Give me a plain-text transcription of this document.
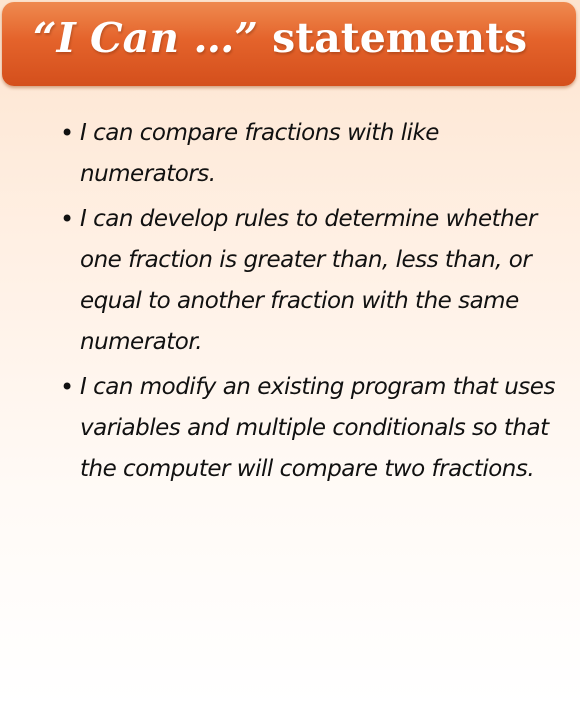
“I Can …” statements
• I can compare fractions with like numerators.
• I can develop rules to determine whether one fraction is greater than, less than, or equal to another fraction with the same numerator.
• I can modify an existing program that uses variables and multiple conditionals so that the computer will compare two fractions.
